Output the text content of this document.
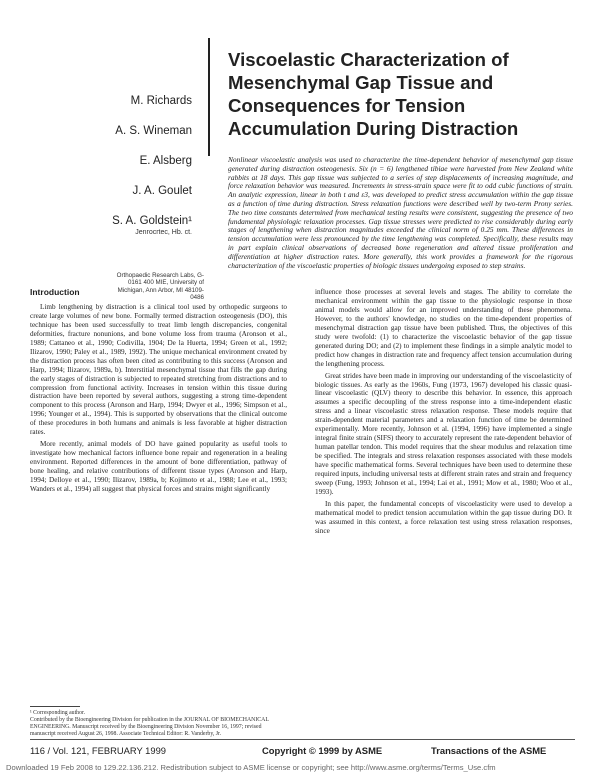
Viscoelastic Characterization of Mesenchymal Gap Tissue and Consequences for Tension Accumulation During Distraction
M. Richards
A. S. Wineman
E. Alsberg
J. A. Goulet
S. A. Goldstein¹
Jenrocrtec, Hb. ct.
Orthopaedic Research Labs, G-0161 400 MIE, University of Michigan, Ann Arbor, MI 48109-0486
Nonlinear viscoelastic analysis was used to characterize the time-dependent behavior of mesenchymal gap tissue generated during distraction osteogenesis. Six (n = 6) lengthened tibiae were harvested from New Zealand white rabbits at 18 days. This gap tissue was subjected to a series of step displacements of increasing magnitude, and force relaxation behavior was measured. Increments in stress-strain space were fit to odd cubic functions of strain. An analytic expression, linear in both t and ε3, was developed to predict stress accumulation within the gap tissue as a function of time during distraction. Stress relaxation functions were described well by two-term Prony series. The two time constants determined from mechanical testing results were consistent, suggesting the presence of two fundamental physiologic relaxation processes. Gap tissue stresses were predicted to rise considerably during early stages of lengthening when distraction magnitudes exceeded the clinical norm of 0.25 mm. These differences in tension accumulation were less pronounced by the time lengthening was completed. Specifically, these results may in part explain clinical observations of decreased bone regeneration and altered tissue proliferation and differentiation at higher distraction rates. More generally, this work provides a framework for the rigorous characterization of the viscoelastic properties of biologic tissues undergoing exposed to step strains.
Introduction

Limb lengthening by distraction is a clinical tool used by orthopedic surgeons to create large volumes of new bone. Formally termed distraction osteogenesis (DO), this technique has been used successfully to treat limb length discrepancies, congenital deformities, fracture nonunions, and bone volume loss from trauma (Aronson et al., 1989; Cattaneo et al., 1990; Codivilla, 1904; De la Huerta, 1994; Green et al., 1992; Ilizarov, 1990; Paley et al., 1989, 1992). The unique mechanical environment created by the distraction process has often been cited as contributing to this success (Aronson and Harp, 1994; Ilizarov, 1989a, b). Interstitial mesenchymal tissue that fills the gap during the early stages of distraction is subjected to repeated stretching from distractions and to compression from functional activity. Increases in tension within this tissue during distraction have been reported by several authors, suggesting a strong time-dependent component to this process (Aronson and Harp, 1994; Dwyer et al., 1996; Simpson et al., 1996; Younger et al., 1994). This is supported by observations that the clinical outcome of these procedures in both humans and animals is less favorable at higher distraction rates.

More recently, animal models of DO have gained popularity as useful tools to investigate how mechanical factors influence bone repair and regeneration in a healing environment. Reported differences in the amount of bone differentiation, pathway of bone healing, and relative contributions of different tissue types (Aronson and Harp, 1994; Delloye et al., 1990; Ilizarov, 1989a, b; Kojimoto et al., 1988; Lee et al., 1993; Wanders et al., 1994) all suggest that physical forces and strains might significantly

influence those processes at several levels and stages. The ability to correlate the mechanical environment within the gap tissue to the physiologic response in those animal models would allow for an improved understanding of these phenomena. However, to the authors' knowledge, no studies on the time-dependent properties of mesenchymal distraction gap tissue have been published. Thus, the objectives of this study were twofold: (1) to characterize the viscoelastic behavior of the gap tissue generated during DO; and (2) to implement these findings in a simple analytic model to predict how changes in distraction rate and frequency affect tension accumulation during the lengthening process.

Great strides have been made in improving our understanding of the viscoelasticity of biologic tissues. As early as the 1960s, Fung (1973, 1967) developed his classic quasi-linear viscoelastic (QLV) theory to describe this behavior. In essence, this approach assumes a specific decoupling of the stress response into a time-independent elastic stress and a linear viscoelastic stress relaxation response. These models require that strain-dependent material parameters and a relaxation function of time be determined experimentally. More recently, Johnson et al. (1994, 1996) have implemented a single integral finite strain (SIFS) theory to accurately represent the rate-dependent behavior of human patellar tendon. This model requires that the shear modulus and relaxation time be specified. The integrals and stress relaxation responses associated with these models have specific mathematical forms. Several techniques have been used to determine these required inputs, including universal tests at different strain rates and strain and frequency sweep (Fung, 1993; Johnson et al., 1994; Lai et al., 1991; Mow et al., 1980; Woo et al., 1993).

In this paper, the fundamental concepts of viscoelasticity were used to develop a mathematical model to predict tension accumulation within the gap tissue during DO. It was assumed in this context, a force relaxation test using stress relaxation responses, since

¹ Corresponding author.
Contributed by the Bioengineering Division for publication in the JOURNAL OF BIOMECHANICAL ENGINEERING. Manuscript received by the Bioengineering Division November 16, 1997; revised manuscript received August 26, 1998. Associate Technical Editor: R. Vanderby, Jr.
116 / Vol. 121, FEBRUARY 1999	Copyright © 1999 by ASME	Transactions of the ASME
Downloaded 19 Feb 2008 to 129.22.136.212. Redistribution subject to ASME license or copyright; see http://www.asme.org/terms/Terms_Use.cfm
